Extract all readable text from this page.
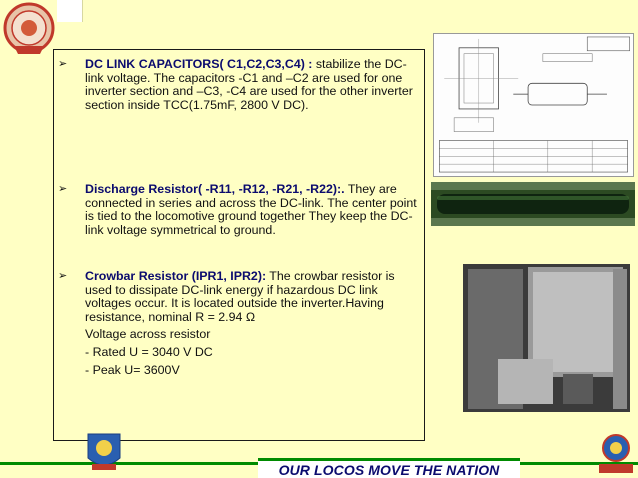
➢ DC LINK CAPACITORS( C1,C2,C3,C4) : stabilize the DC-link voltage. The capacitors -C1 and –C2 are used for one inverter section and –C3, -C4 are used for the other inverter section inside TCC(1.75mF, 2800 V DC).
➢ Discharge Resistor( -R11, -R12, -R21, -R22):. They are connected in series and across the DC-link. The center point is tied to the locomotive ground together They keep the DC-link voltage symmetrical to ground.
➢ Crowbar Resistor (IPR1, IPR2): The crowbar resistor is used to dissipate DC-link energy if hazardous DC link voltages occur. It is located outside the inverter.Having resistance, nominal R = 2.94 Ω
Voltage across resistor
- Rated U = 3040 V DC
- Peak U= 3600V
OUR LOCOS MOVE THE NATION
